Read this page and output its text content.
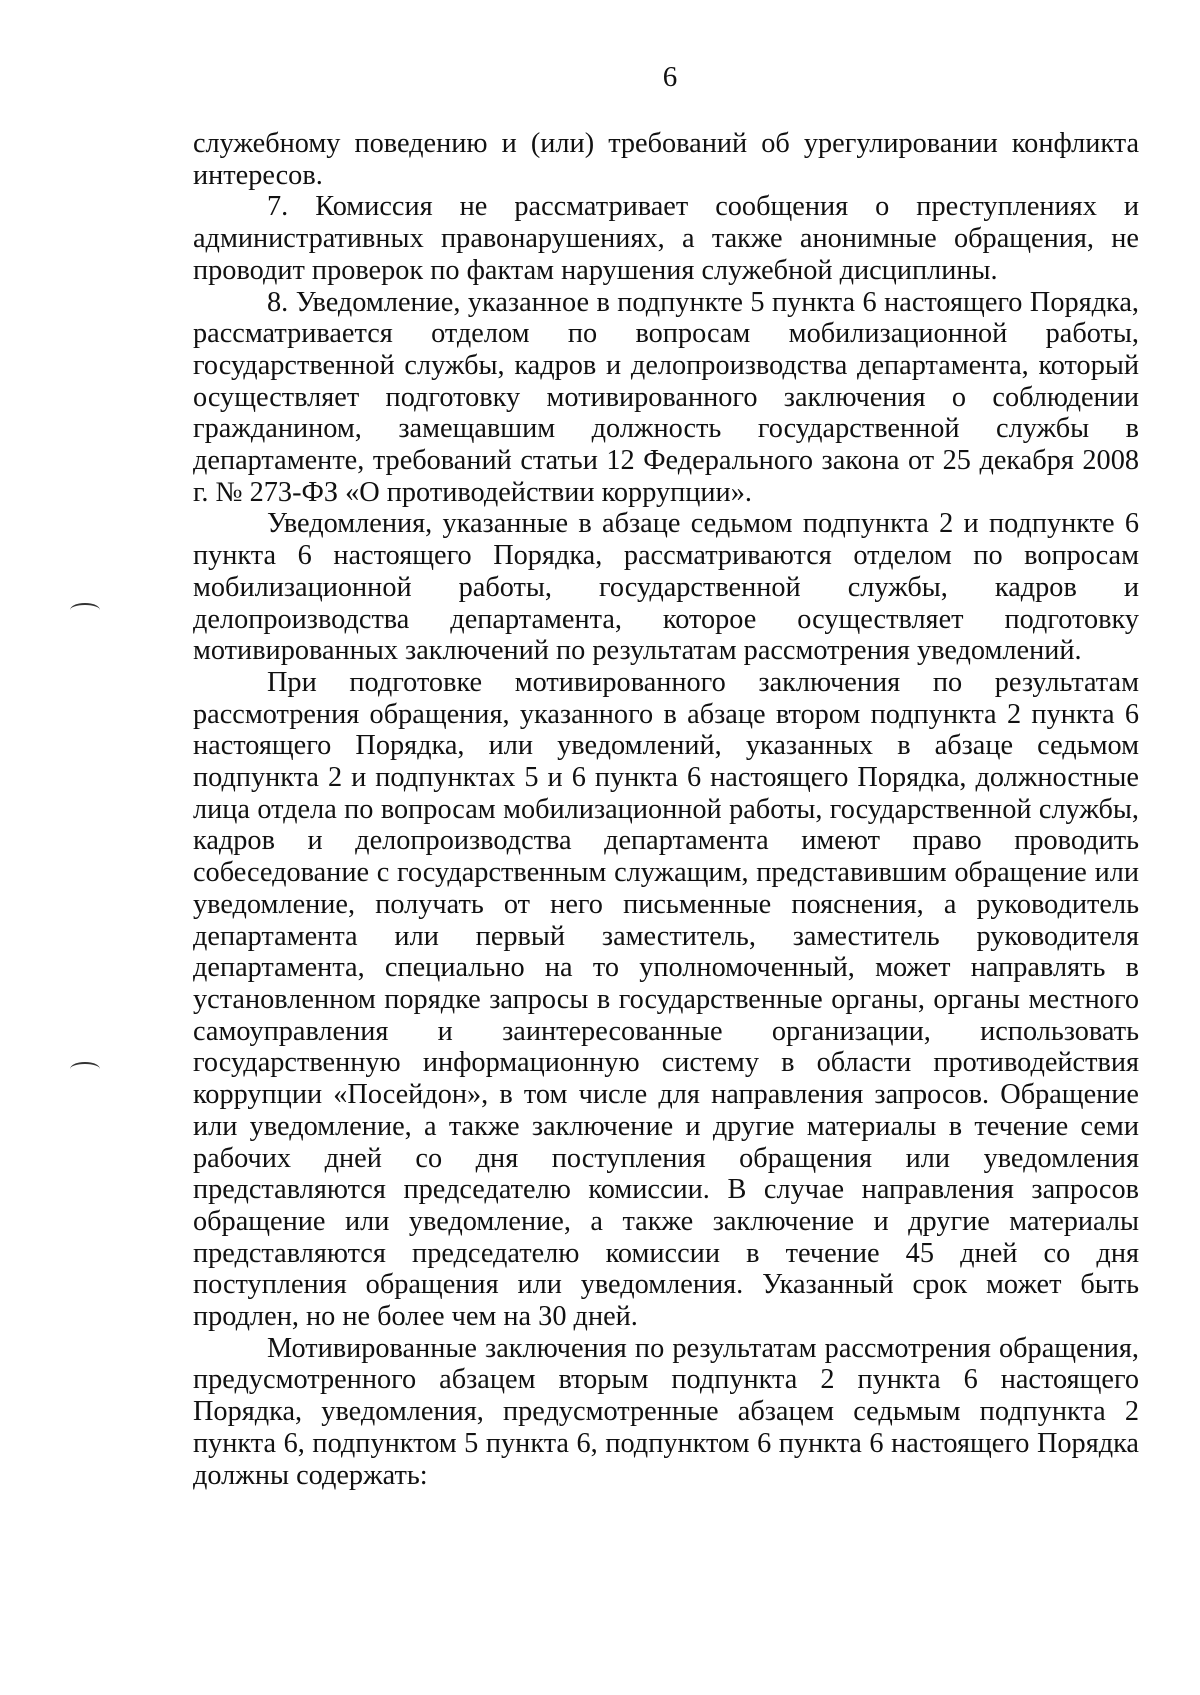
6

служебному поведению и (или) требований об урегулировании конфликта интересов.

7. Комиссия не рассматривает сообщения о преступлениях и административных правонарушениях, а также анонимные обращения, не проводит проверок по фактам нарушения служебной дисциплины.

8. Уведомление, указанное в подпункте 5 пункта 6 настоящего Порядка, рассматривается отделом по вопросам мобилизационной работы, государственной службы, кадров и делопроизводства департамента, который осуществляет подготовку мотивированного заключения о соблюдении гражданином, замещавшим должность государственной службы в департаменте, требований статьи 12 Федерального закона от 25 декабря 2008 г. № 273-ФЗ «О противодействии коррупции».

Уведомления, указанные в абзаце седьмом подпункта 2 и подпункте 6 пункта 6 настоящего Порядка, рассматриваются отделом по вопросам мобилизационной работы, государственной службы, кадров и делопроизводства департамента, которое осуществляет подготовку мотивированных заключений по результатам рассмотрения уведомлений.

При подготовке мотивированного заключения по результатам рассмотрения обращения, указанного в абзаце втором подпункта 2 пункта 6 настоящего Порядка, или уведомлений, указанных в абзаце седьмом подпункта 2 и подпунктах 5 и 6 пункта 6 настоящего Порядка, должностные лица отдела по вопросам мобилизационной работы, государственной службы, кадров и делопроизводства департамента имеют право проводить собеседование с государственным служащим, представившим обращение или уведомление, получать от него письменные пояснения, а руководитель департамента или первый заместитель, заместитель руководителя департамента, специально на то уполномоченный, может направлять в установленном порядке запросы в государственные органы, органы местного самоуправления и заинтересованные организации, использовать государственную информационную систему в области противодействия коррупции «Посейдон», в том числе для направления запросов. Обращение или уведомление, а также заключение и другие материалы в течение семи рабочих дней со дня поступления обращения или уведомления представляются председателю комиссии. В случае направления запросов обращение или уведомление, а также заключение и другие материалы представляются председателю комиссии в течение 45 дней со дня поступления обращения или уведомления. Указанный срок может быть продлен, но не более чем на 30 дней.

Мотивированные заключения по результатам рассмотрения обращения, предусмотренного абзацем вторым подпункта 2 пункта 6 настоящего Порядка, уведомления, предусмотренные абзацем седьмым подпункта 2 пункта 6, подпунктом 5 пункта 6, подпунктом 6 пункта 6 настоящего Порядка должны содержать:
